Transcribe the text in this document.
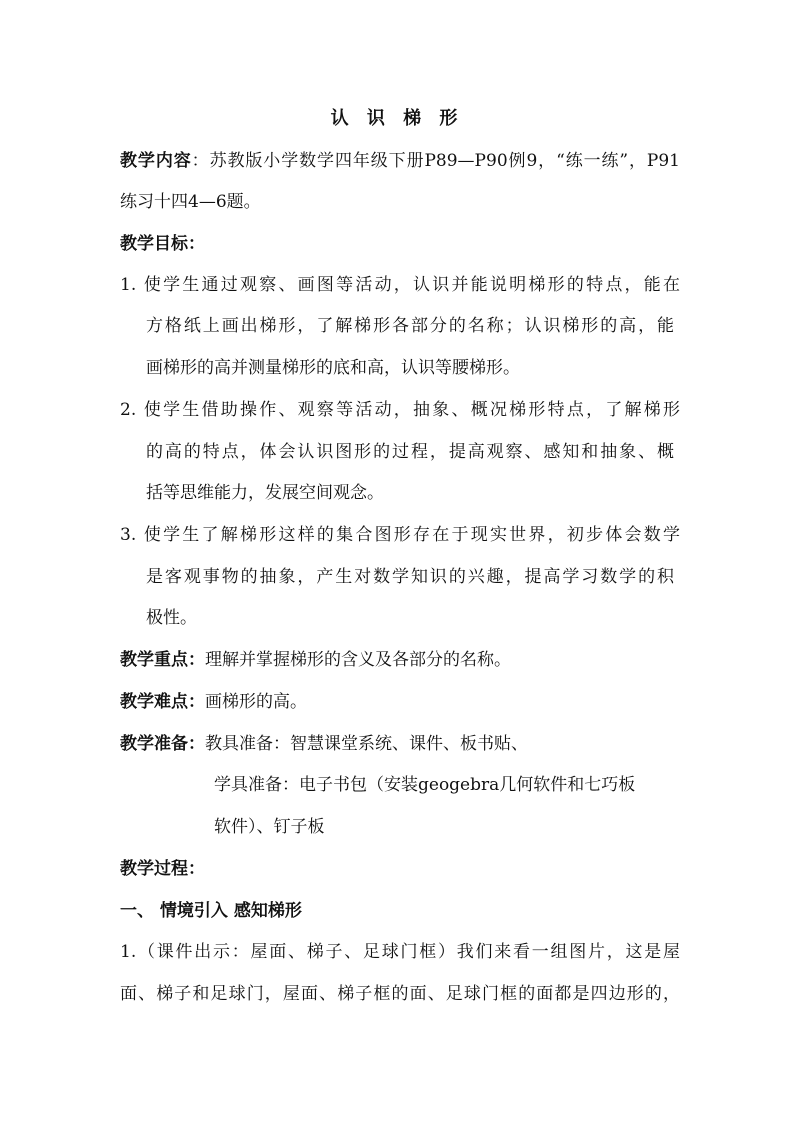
认 识 梯 形
教学内容：苏教版小学数学四年级下册P89—P90例9，“练一练”，P91
练习十四4—6题。
教学目标：
1. 使学生通过观察、画图等活动，认识并能说明梯形的特点，能在
方格纸上画出梯形，了解梯形各部分的名称；认识梯形的高，能
画梯形的高并测量梯形的底和高，认识等腰梯形。
2. 使学生借助操作、观察等活动，抽象、概况梯形特点，了解梯形
的高的特点，体会认识图形的过程，提高观察、感知和抽象、概
括等思维能力，发展空间观念。
3. 使学生了解梯形这样的集合图形存在于现实世界，初步体会数学
是客观事物的抽象，产生对数学知识的兴趣，提高学习数学的积
极性。
教学重点：理解并掌握梯形的含义及各部分的名称。
教学难点：画梯形的高。
教学准备：教具准备：智慧课堂系统、课件、板书贴、
学具准备：电子书包（安装geogebra几何软件和七巧板
软件）、钉子板
教学过程：
一、 情境引入 感知梯形
1.（课件出示：屋面、梯子、足球门框）我们来看一组图片，这是屋
面、梯子和足球门，屋面、梯子框的面、足球门框的面都是四边形的，
